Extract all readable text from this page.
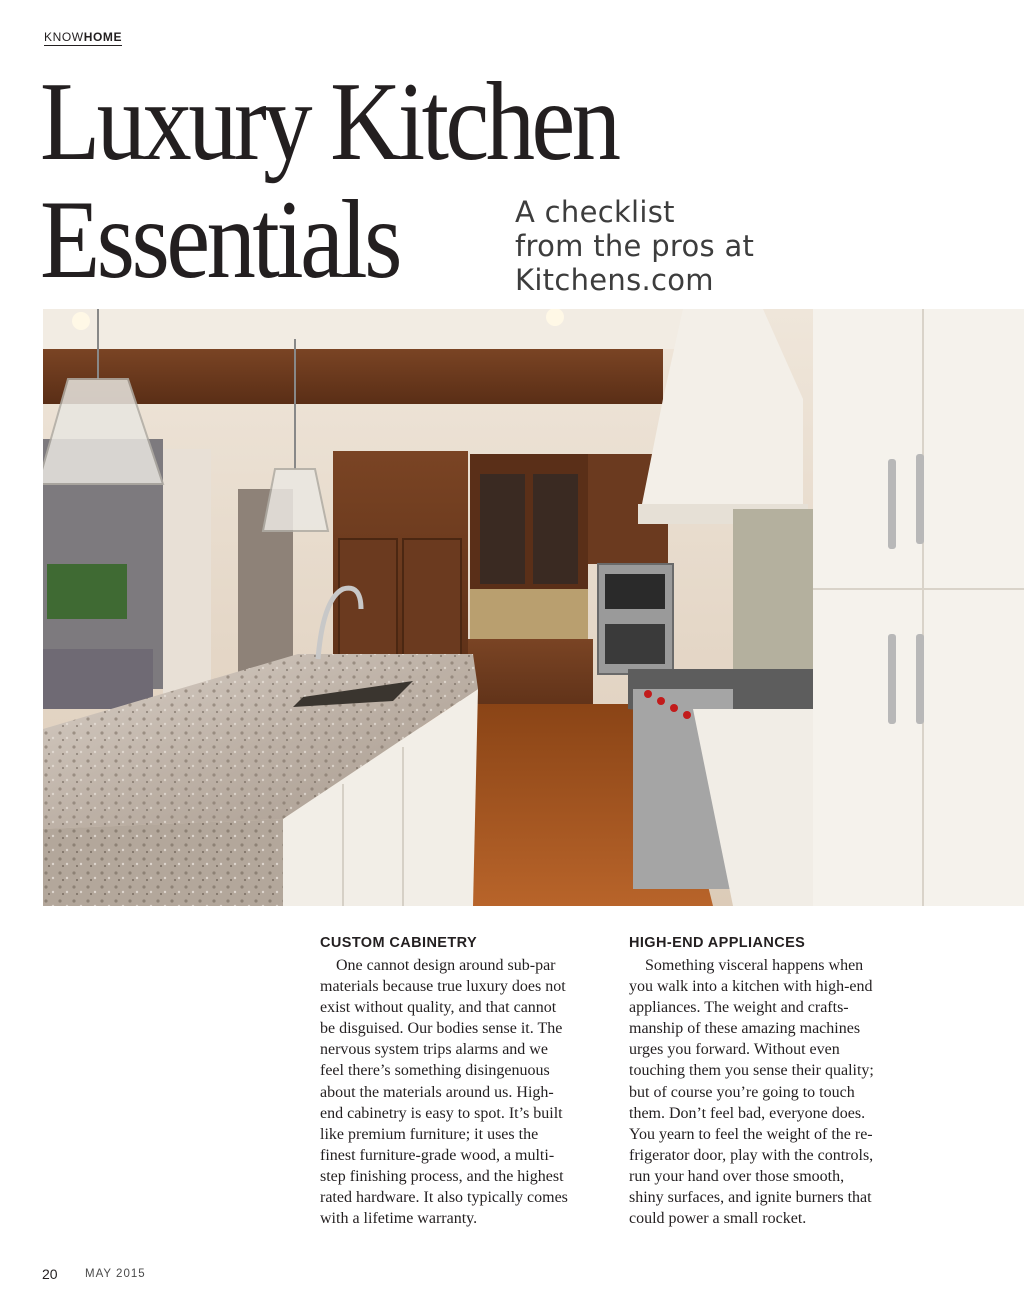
KNOWHOME
Luxury Kitchen
Essentials	A checklist
from the pros at
Kitchens.com
CUSTOM CABINETRY
One cannot design around sub-par
materials because true luxury does not
exist without quality, and that cannot
be disguised. Our bodies sense it. The
nervous system trips alarms and we
feel there’s something disingenuous
about the materials around us. High-
end cabinetry is easy to spot. It’s built
like premium furniture; it uses the
finest furniture-grade wood, a multi-
step finishing process, and the highest
rated hardware. It also typically comes
with a lifetime warranty.
HIGH-END APPLIANCES
Something visceral happens when
you walk into a kitchen with high-end
appliances. The weight and crafts-
manship of these amazing machines
urges you forward. Without even
touching them you sense their quality;
but of course you’re going to touch
them. Don’t feel bad, everyone does.
You yearn to feel the weight of the re-
frigerator door, play with the controls,
run your hand over those smooth,
shiny surfaces, and ignite burners that
could power a small rocket.
20 MAY 2015
